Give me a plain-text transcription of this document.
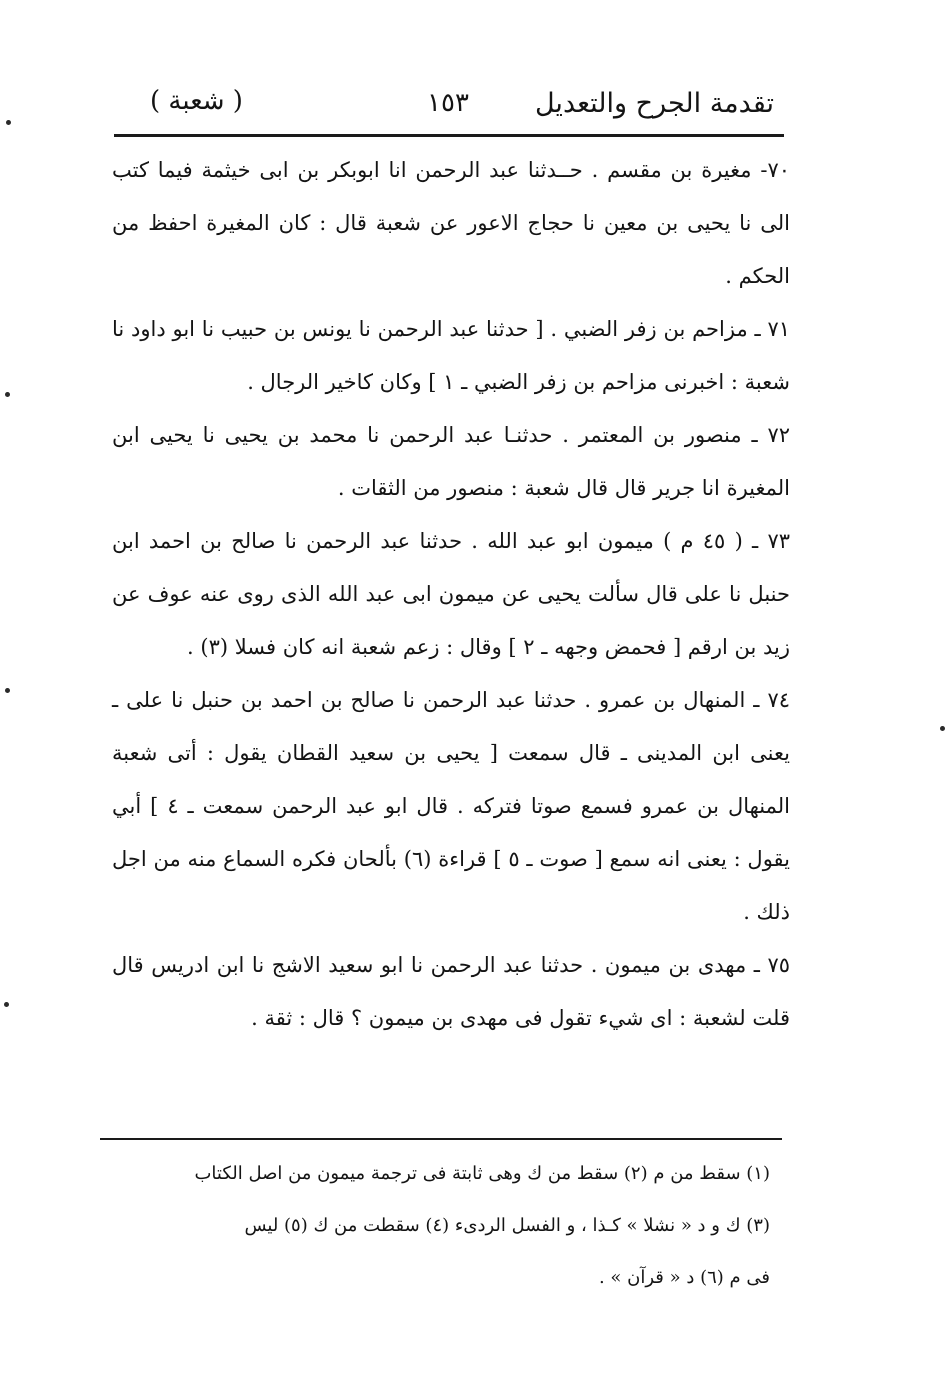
تقدمة الجرح والتعديل
١٥٣
( شعبة )

٧٠- مغيرة بن مقسم . حــدثنا عبد الرحمن انا ابوبكر بن ابى خيثمة فيما كتب الى نا يحيى بن معين نا حجاج الاعور عن شعبة قال : كان المغيرة احفظ من الحكم .

٧١ ـ مزاحم بن زفر الضبي . [ حدثنا عبد الرحمن نا يونس بن حبيب نا ابو داود نا شعبة : اخبرنى مزاحم بن زفر الضبي ـ ١ ] وكان كاخير الرجال .

٧٢ ـ منصور بن المعتمر . حدثنـا عبد الرحمن نا محمد بن يحيى نا يحيى ابن المغيرة انا جرير قال قال شعبة : منصور من الثقات .

٧٣ ـ ( ٤٥ م ) ميمون ابو عبد الله . حدثنا عبد الرحمن نا صالح بن احمد ابن حنبل نا على قال سألت يحيى عن ميمون ابى عبد الله الذى روى عنه عوف عن زيد بن ارقم [ فحمض وجهه ـ ٢ ] وقال : زعم شعبة انه كان فسلا (٣) .

٧٤ ـ المنهال بن عمرو . حدثنا عبد الرحمن نا صالح بن احمد بن حنبل نا على ـ يعنى ابن المدينى ـ قال سمعت [ يحيى بن سعيد القطان يقول : أتى شعبة المنهال بن عمرو فسمع صوتا فتركه . قال ابو عبد الرحمن سمعت ـ ٤ ] أبي يقول : يعنى انه سمع [ صوت ـ ٥ ] قراءة (٦) بألحان فكره السماع منه من اجل ذلك .

٧٥ ـ مهدى بن ميمون . حدثنا عبد الرحمن نا ابو سعيد الاشج نا ابن ادريس قال قلت لشعبة : اى شيء تقول فى مهدى بن ميمون ؟ قال : ثقة .

(١) سقط من م (٢) سقط من ك وهى ثابتة فى ترجمة ميمون من اصل الكتاب

(٣) ك و د « نشلا » كـذا ، و الفسل الردىء (٤) سقطت من ك (٥) ليس

فى م (٦) د « قرآن » .
